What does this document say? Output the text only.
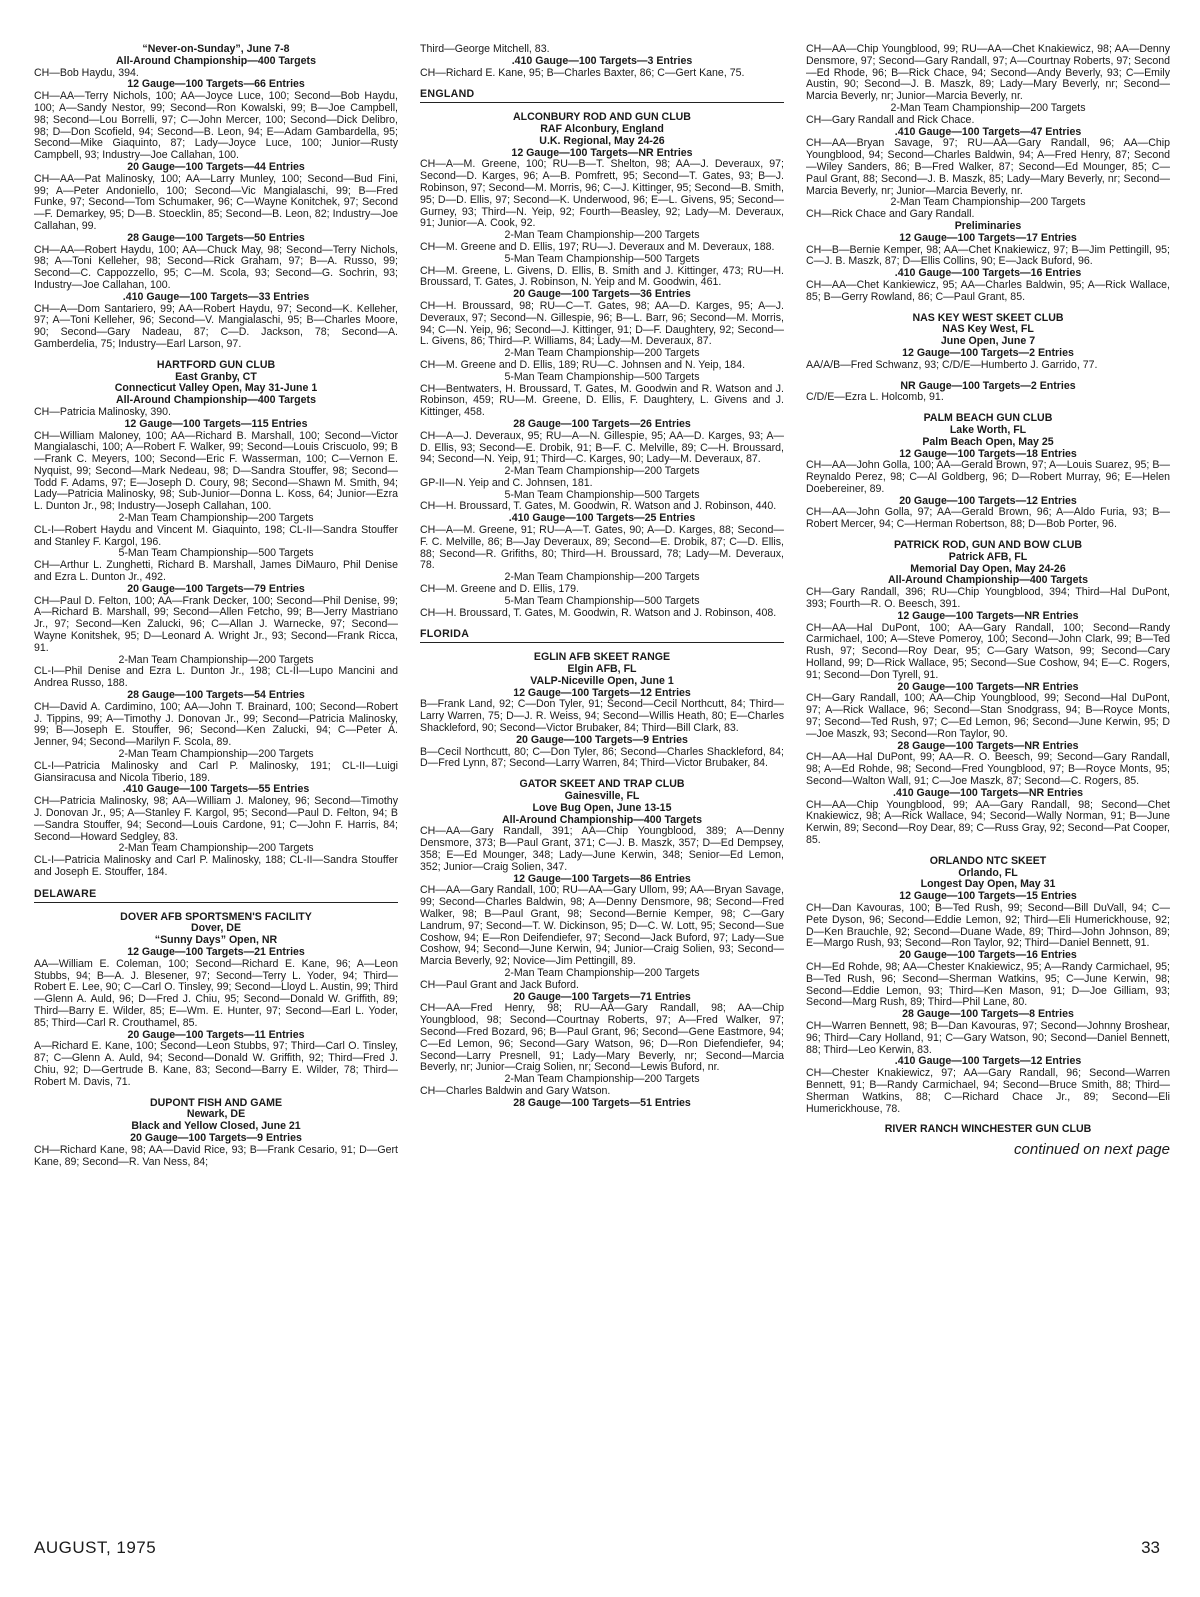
“Never-on-Sunday”, June 7-8

All-Around Championship—400 Targets

CH—Bob Haydu, 394.

12 Gauge—100 Targets—66 Entries

CH—AA—Terry Nichols, 100; AA—Joyce Luce, 100; Second—Bob Haydu, 100; A—Sandy Nestor, 99; Second—Ron Kowalski, 99; B—Joe Campbell, 98; Second—Lou Borrelli, 97; C—John Mercer, 100; Second—Dick Delibro, 98; D—Don Scofield, 94; Second—B. Leon, 94; E—Adam Gambardella, 95; Second—Mike Giaquinto, 87; Lady—Joyce Luce, 100; Junior—Rusty Campbell, 93; Industry—Joe Callahan, 100.

20 Gauge—100 Targets—44 Entries

CH—AA—Pat Malinosky, 100; AA—Larry Munley, 100; Second—Bud Fini, 99; A—Peter Andoniello, 100; Second—Vic Mangialaschi, 99; B—Fred Funke, 97; Second—Tom Schumaker, 96; C—Wayne Konitchek, 97; Second—F. Demarkey, 95; D—B. Stoecklin, 85; Second—B. Leon, 82; Industry—Joe Callahan, 99.

28 Gauge—100 Targets—50 Entries

CH—AA—Robert Haydu, 100; AA—Chuck May, 98; Second—Terry Nichols, 98; A—Toni Kelleher, 98; Second—Rick Graham, 97; B—A. Russo, 99; Second—C. Cappozzello, 95; C—M. Scola, 93; Second—G. Sochrin, 93; Industry—Joe Callahan, 100.

.410 Gauge—100 Targets—33 Entries

CH—A—Dom Santariero, 99; AA—Robert Haydu, 97; Second—K. Kelleher, 97; A—Toni Kelleher, 96; Second—V. Mangialaschi, 95; B—Charles Moore, 90; Second—Gary Nadeau, 87; C—D. Jackson, 78; Second—A. Gamberdelia, 75; Industry—Earl Larson, 97.

HARTFORD GUN CLUB

East Granby, CT

Connecticut Valley Open, May 31-June 1

All-Around Championship—400 Targets

CH—Patricia Malinosky, 390.

12 Gauge—100 Targets—115 Entries

CH—William Maloney, 100; AA—Richard B. Marshall, 100; Second—Victor Mangialaschi, 100; A—Robert F. Walker, 99; Second—Louis Criscuolo, 99; B—Frank C. Meyers, 100; Second—Eric F. Wasserman, 100; C—Vernon E. Nyquist, 99; Second—Mark Nedeau, 98; D—Sandra Stouffer, 98; Second—Todd F. Adams, 97; E—Joseph D. Coury, 98; Second—Shawn M. Smith, 94; Lady—Patricia Malinosky, 98; Sub-Junior—Donna L. Koss, 64; Junior—Ezra L. Dunton Jr., 98; Industry—Joseph Callahan, 100.

2-Man Team Championship—200 Targets

CL-I—Robert Haydu and Vincent M. Giaquinto, 198; CL-II—Sandra Stouffer and Stanley F. Kargol, 196.

5-Man Team Championship—500 Targets

CH—Arthur L. Zunghetti, Richard B. Marshall, James DiMauro, Phil Denise and Ezra L. Dunton Jr., 492.

20 Gauge—100 Targets—79 Entries

CH—Paul D. Felton, 100; AA—Frank Decker, 100; Second—Phil Denise, 99; A—Richard B. Marshall, 99; Second—Allen Fetcho, 99; B—Jerry Mastriano Jr., 97; Second—Ken Zalucki, 96; C—Allan J. Warnecke, 97; Second—Wayne Konitshek, 95; D—Leonard A. Wright Jr., 93; Second—Frank Ricca, 91.

2-Man Team Championship—200 Targets

CL-I—Phil Denise and Ezra L. Dunton Jr., 198; CL-II—Lupo Mancini and Andrea Russo, 188.

28 Gauge—100 Targets—54 Entries

CH—David A. Cardimino, 100; AA—John T. Brainard, 100; Second—Robert J. Tippins, 99; A—Timothy J. Donovan Jr., 99; Second—Patricia Malinosky, 99; B—Joseph E. Stouffer, 96; Second—Ken Zalucki, 94; C—Peter A. Jenner, 94; Second—Marilyn F. Scola, 89.

2-Man Team Championship—200 Targets

CL-I—Patricia Malinosky and Carl P. Malinosky, 191; CL-II—Luigi Giansiracusa and Nicola Tiberio, 189.

.410 Gauge—100 Targets—55 Entries

CH—Patricia Malinosky, 98; AA—William J. Maloney, 96; Second—Timothy J. Donovan Jr., 95; A—Stanley F. Kargol, 95; Second—Paul D. Felton, 94; B—Sandra Stouffer, 94; Second—Louis Cardone, 91; C—John F. Harris, 84; Second—Howard Sedgley, 83.

2-Man Team Championship—200 Targets

CL-I—Patricia Malinosky and Carl P. Malinosky, 188; CL-II—Sandra Stouffer and Joseph E. Stouffer, 184.

DELAWARE

DOVER AFB SPORTSMEN'S FACILITY

Dover, DE

“Sunny Days” Open, NR

12 Gauge—100 Targets—21 Entries

AA—William E. Coleman, 100; Second—Richard E. Kane, 96; A—Leon Stubbs, 94; B—A. J. Blesener, 97; Second—Terry L. Yoder, 94; Third—Robert E. Lee, 90; C—Carl O. Tinsley, 99; Second—Lloyd L. Austin, 99; Third—Glenn A. Auld, 96; D—Fred J. Chiu, 95; Second—Donald W. Griffith, 89; Third—Barry E. Wilder, 85; E—Wm. E. Hunter, 97; Second—Earl L. Yoder, 85; Third—Carl R. Crouthamel, 85.

20 Gauge—100 Targets—11 Entries

A—Richard E. Kane, 100; Second—Leon Stubbs, 97; Third—Carl O. Tinsley, 87; C—Glenn A. Auld, 94; Second—Donald W. Griffith, 92; Third—Fred J. Chiu, 92; D—Gertrude B. Kane, 83; Second—Barry E. Wilder, 78; Third—Robert M. Davis, 71.

DUPONT FISH AND GAME

Newark, DE

Black and Yellow Closed, June 21

20 Gauge—100 Targets—9 Entries

CH—Richard Kane, 98; AA—David Rice, 93; B—Frank Cesario, 91; D—Gert Kane, 89; Second—R. Van Ness, 84;

Third—George Mitchell, 83.

.410 Gauge—100 Targets—3 Entries

CH—Richard E. Kane, 95; B—Charles Baxter, 86; C—Gert Kane, 75.

ENGLAND

ALCONBURY ROD AND GUN CLUB

RAF Alconbury, England

U.K. Regional, May 24-26

12 Gauge—100 Targets—NR Entries

CH—A—M. Greene, 100; RU—B—T. Shelton, 98; AA—J. Deveraux, 97; Second—D. Karges, 96; A—B. Pomfrett, 95; Second—T. Gates, 93; B—J. Robinson, 97; Second—M. Morris, 96; C—J. Kittinger, 95; Second—B. Smith, 95; D—D. Ellis, 97; Second—K. Underwood, 96; E—L. Givens, 95; Second—Gurney, 93; Third—N. Yeip, 92; Fourth—Beasley, 92; Lady—M. Deveraux, 91; Junior—A. Cook, 92.

2-Man Team Championship—200 Targets

CH—M. Greene and D. Ellis, 197; RU—J. Deveraux and M. Deveraux, 188.

5-Man Team Championship—500 Targets

CH—M. Greene, L. Givens, D. Ellis, B. Smith and J. Kittinger, 473; RU—H. Broussard, T. Gates, J. Robinson, N. Yeip and M. Goodwin, 461.

20 Gauge—100 Targets—36 Entries

CH—H. Broussard, 98; RU—C—T. Gates, 98; AA—D. Karges, 95; A—J. Deveraux, 97; Second—N. Gillespie, 96; B—L. Barr, 96; Second—M. Morris, 94; C—N. Yeip, 96; Second—J. Kittinger, 91; D—F. Daughtery, 92; Second—L. Givens, 86; Third—P. Williams, 84; Lady—M. Deveraux, 87.

2-Man Team Championship—200 Targets

CH—M. Greene and D. Ellis, 189; RU—C. Johnsen and N. Yeip, 184.

5-Man Team Championship—500 Targets

CH—Bentwaters, H. Broussard, T. Gates, M. Goodwin and R. Watson and J. Robinson, 459; RU—M. Greene, D. Ellis, F. Daughtery, L. Givens and J. Kittinger, 458.

28 Gauge—100 Targets—26 Entries

CH—A—J. Deveraux, 95; RU—A—N. Gillespie, 95; AA—D. Karges, 93; A—D. Ellis, 93; Second—E. Drobik, 91; B—F. C. Melville, 89; C—H. Broussard, 94; Second—N. Yeip, 91; Third—C. Karges, 90; Lady—M. Deveraux, 87.

2-Man Team Championship—200 Targets

GP-II—N. Yeip and C. Johnsen, 181.

5-Man Team Championship—500 Targets

CH—H. Broussard, T. Gates, M. Goodwin, R. Watson and J. Robinson, 440.

.410 Gauge—100 Targets—25 Entries

CH—A—M. Greene, 91; RU—A—T. Gates, 90; A—D. Karges, 88; Second—F. C. Melville, 86; B—Jay Deveraux, 89; Second—E. Drobik, 87; C—D. Ellis, 88; Second—R. Grifiths, 80; Third—H. Broussard, 78; Lady—M. Deveraux, 78.

2-Man Team Championship—200 Targets

CH—M. Greene and D. Ellis, 179.

5-Man Team Championship—500 Targets

CH—H. Broussard, T. Gates, M. Goodwin, R. Watson and J. Robinson, 408.

FLORIDA

EGLIN AFB SKEET RANGE

Elgin AFB, FL

VALP-Niceville Open, June 1

12 Gauge—100 Targets—12 Entries

B—Frank Land, 92; C—Don Tyler, 91; Second—Cecil Northcutt, 84; Third—Larry Warren, 75; D—J. R. Weiss, 94; Second—Willis Heath, 80; E—Charles Shackleford, 90; Second—Victor Brubaker, 84; Third—Bill Clark, 83.

20 Gauge—100 Targets—9 Entries

B—Cecil Northcutt, 80; C—Don Tyler, 86; Second—Charles Shackleford, 84; D—Fred Lynn, 87; Second—Larry Warren, 84; Third—Victor Brubaker, 84.

GATOR SKEET AND TRAP CLUB

Gainesville, FL

Love Bug Open, June 13-15

All-Around Championship—400 Targets

CH—AA—Gary Randall, 391; AA—Chip Youngblood, 389; A—Denny Densmore, 373; B—Paul Grant, 371; C—J. B. Maszk, 357; D—Ed Dempsey, 358; E—Ed Mounger, 348; Lady—June Kerwin, 348; Senior—Ed Lemon, 352; Junior—Craig Solien, 347.

12 Gauge—100 Targets—86 Entries

CH—AA—Gary Randall, 100; RU—AA—Gary Ullom, 99; AA—Bryan Savage, 99; Second—Charles Baldwin, 98; A—Denny Densmore, 98; Second—Fred Walker, 98; B—Paul Grant, 98; Second—Bernie Kemper, 98; C—Gary Landrum, 97; Second—T. W. Dickinson, 95; D—C. W. Lott, 95; Second—Sue Coshow, 94; E—Ron Deifendiefer, 97; Second—Jack Buford, 97; Lady—Sue Coshow, 94; Second—June Kerwin, 94; Junior—Craig Solien, 93; Second—Marcia Beverly, 92; Novice—Jim Pettingill, 89.

2-Man Team Championship—200 Targets

CH—Paul Grant and Jack Buford.

20 Gauge—100 Targets—71 Entries

CH—AA—Fred Henry, 98; RU—AA—Gary Randall, 98; AA—Chip Youngblood, 98; Second—Courtnay Roberts, 97; A—Fred Walker, 97; Second—Fred Bozard, 96; B—Paul Grant, 96; Second—Gene Eastmore, 94; C—Ed Lemon, 96; Second—Gary Watson, 96; D—Ron Diefendiefer, 94; Second—Larry Presnell, 91; Lady—Mary Beverly, nr; Second—Marcia Beverly, nr; Junior—Craig Solien, nr; Second—Lewis Buford, nr.

2-Man Team Championship—200 Targets

CH—Charles Baldwin and Gary Watson.

28 Gauge—100 Targets—51 Entries

CH—AA—Chip Youngblood, 99; RU—AA—Chet Knakiewicz, 98; AA—Denny Densmore, 97; Second—Gary Randall, 97; A—Courtnay Roberts, 97; Second—Ed Rhode, 96; B—Rick Chace, 94; Second—Andy Beverly, 93; C—Emily Austin, 90; Second—J. B. Maszk, 89; Lady—Mary Beverly, nr; Second—Marcia Beverly, nr; Junior—Marcia Beverly, nr.

2-Man Team Championship—200 Targets

CH—Gary Randall and Rick Chace.

.410 Gauge—100 Targets—47 Entries

CH—AA—Bryan Savage, 97; RU—AA—Gary Randall, 96; AA—Chip Youngblood, 94; Second—Charles Baldwin, 94; A—Fred Henry, 87; Second—Wiley Sanders, 86; B—Fred Walker, 87; Second—Ed Mounger, 85; C—Paul Grant, 88; Second—J. B. Maszk, 85; Lady—Mary Beverly, nr; Second—Marcia Beverly, nr; Junior—Marcia Beverly, nr.

2-Man Team Championship—200 Targets

CH—Rick Chace and Gary Randall.

Preliminaries

12 Gauge—100 Targets—17 Entries

CH—B—Bernie Kemper, 98; AA—Chet Knakiewicz, 97; B—Jim Pettingill, 95; C—J. B. Maszk, 87; D—Ellis Collins, 90; E—Jack Buford, 96.

.410 Gauge—100 Targets—16 Entries

CH—AA—Chet Kankiewicz, 95; AA—Charles Baldwin, 95; A—Rick Wallace, 85; B—Gerry Rowland, 86; C—Paul Grant, 85.

NAS KEY WEST SKEET CLUB

NAS Key West, FL

June Open, June 7

12 Gauge—100 Targets—2 Entries

AA/A/B—Fred Schwanz, 93; C/D/E—Humberto J. Garrido, 77.

NR Gauge—100 Targets—2 Entries

C/D/E—Ezra L. Holcomb, 91.

PALM BEACH GUN CLUB

Lake Worth, FL

Palm Beach Open, May 25

12 Gauge—100 Targets—18 Entries

CH—AA—John Golla, 100; AA—Gerald Brown, 97; A—Louis Suarez, 95; B—Reynaldo Perez, 98; C—Al Goldberg, 96; D—Robert Murray, 96; E—Helen Doebereiner, 89.

20 Gauge—100 Targets—12 Entries

CH—AA—John Golla, 97; AA—Gerald Brown, 96; A—Aldo Furia, 93; B—Robert Mercer, 94; C—Herman Robertson, 88; D—Bob Porter, 96.

PATRICK ROD, GUN AND BOW CLUB

Patrick AFB, FL

Memorial Day Open, May 24-26

All-Around Championship—400 Targets

CH—Gary Randall, 396; RU—Chip Youngblood, 394; Third—Hal DuPont, 393; Fourth—R. O. Beesch, 391.

12 Gauge—100 Targets—NR Entries

CH—AA—Hal DuPont, 100; AA—Gary Randall, 100; Second—Randy Carmichael, 100; A—Steve Pomeroy, 100; Second—John Clark, 99; B—Ted Rush, 97; Second—Roy Dear, 95; C—Gary Watson, 99; Second—Cary Holland, 99; D—Rick Wallace, 95; Second—Sue Coshow, 94; E—C. Rogers, 91; Second—Don Tyrell, 91.

20 Gauge—100 Targets—NR Entries

CH—Gary Randall, 100; AA—Chip Youngblood, 99; Second—Hal DuPont, 97; A—Rick Wallace, 96; Second—Stan Snodgrass, 94; B—Royce Monts, 97; Second—Ted Rush, 97; C—Ed Lemon, 96; Second—June Kerwin, 95; D—Joe Maszk, 93; Second—Ron Taylor, 90.

28 Gauge—100 Targets—NR Entries

CH—AA—Hal DuPont, 99; AA—R. O. Beesch, 99; Second—Gary Randall, 98; A—Ed Rohde, 98; Second—Fred Youngblood, 97; B—Royce Monts, 95; Second—Walton Wall, 91; C—Joe Maszk, 87; Second—C. Rogers, 85.

.410 Gauge—100 Targets—NR Entries

CH—AA—Chip Youngblood, 99; AA—Gary Randall, 98; Second—Chet Knakiewicz, 98; A—Rick Wallace, 94; Second—Wally Norman, 91; B—June Kerwin, 89; Second—Roy Dear, 89; C—Russ Gray, 92; Second—Pat Cooper, 85.

ORLANDO NTC SKEET

Orlando, FL

Longest Day Open, May 31

12 Gauge—100 Targets—15 Entries

CH—Dan Kavouras, 100; B—Ted Rush, 99; Second—Bill DuVall, 94; C—Pete Dyson, 96; Second—Eddie Lemon, 92; Third—Eli Humerickhouse, 92; D—Ken Brauchle, 92; Second—Duane Wade, 89; Third—John Johnson, 89; E—Margo Rush, 93; Second—Ron Taylor, 92; Third—Daniel Bennett, 91.

20 Gauge—100 Targets—16 Entries

CH—Ed Rohde, 98; AA—Chester Knakiewicz, 95; A—Randy Carmichael, 95; B—Ted Rush, 96; Second—Sherman Watkins, 95; C—June Kerwin, 98; Second—Eddie Lemon, 93; Third—Ken Mason, 91; D—Joe Gilliam, 93; Second—Marg Rush, 89; Third—Phil Lane, 80.

28 Gauge—100 Targets—8 Entries

CH—Warren Bennett, 98; B—Dan Kavouras, 97; Second—Johnny Broshear, 96; Third—Cary Holland, 91; C—Gary Watson, 90; Second—Daniel Bennett, 88; Third—Leo Kerwin, 83.

.410 Gauge—100 Targets—12 Entries

CH—Chester Knakiewicz, 97; AA—Gary Randall, 96; Second—Warren Bennett, 91; B—Randy Carmichael, 94; Second—Bruce Smith, 88; Third—Sherman Watkins, 88; C—Richard Chace Jr., 89; Second—Eli Humerickhouse, 78.

RIVER RANCH WINCHESTER GUN CLUB

continued on next page

AUGUST, 1975	33
